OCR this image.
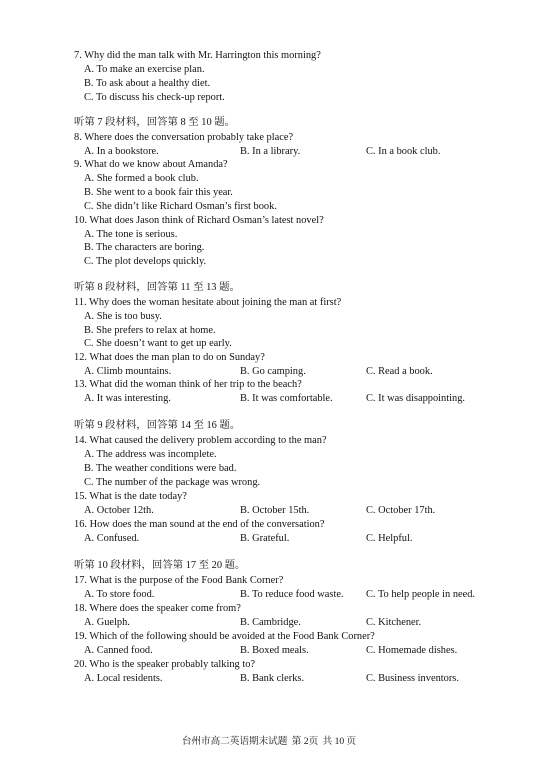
7. Why did the man talk with Mr. Harrington this morning?
A. To make an exercise plan.
B. To ask about a healthy diet.
C. To discuss his check-up report.
听第 7 段材料，回答第 8 至 10 题。
8. Where does the conversation probably take place?
A. In a bookstore.	B. In a library.	C. In a book club.
9. What do we know about Amanda?
A. She formed a book club.
B. She went to a book fair this year.
C. She didn’t like Richard Osman’s first book.
10. What does Jason think of Richard Osman’s latest novel?
A. The tone is serious.
B. The characters are boring.
C. The plot develops quickly.
听第 8 段材料，回答第 11 至 13 题。
11. Why does the woman hesitate about joining the man at first?
A. She is too busy.
B. She prefers to relax at home.
C. She doesn’t want to get up early.
12. What does the man plan to do on Sunday?
A. Climb mountains.	B. Go camping.	C. Read a book.
13. What did the woman think of her trip to the beach?
A. It was interesting.	B. It was comfortable.	C. It was disappointing.
听第 9 段材料，回答第 14 至 16 题。
14. What caused the delivery problem according to the man?
A. The address was incomplete.
B. The weather conditions were bad.
C. The number of the package was wrong.
15. What is the date today?
A. October 12th.	B. October 15th.	C. October 17th.
16. How does the man sound at the end of the conversation?
A. Confused.	B. Grateful.	C. Helpful.
听第 10 段材料，回答第 17 至 20 题。
17. What is the purpose of the Food Bank Corner?
A. To store food.	B. To reduce food waste. C. To help people in need.
18. Where does the speaker come from?
A. Guelph.	B. Cambridge.	C. Kitchener.
19. Which of the following should be avoided at the Food Bank Corner?
A. Canned food.	B. Boxed meals.	C. Homemade dishes.
20. Who is the speaker probably talking to?
A. Local residents.	B. Bank clerks.	C. Business inventors.
台州市高二英语期末试题 第 2页 共 10 页
